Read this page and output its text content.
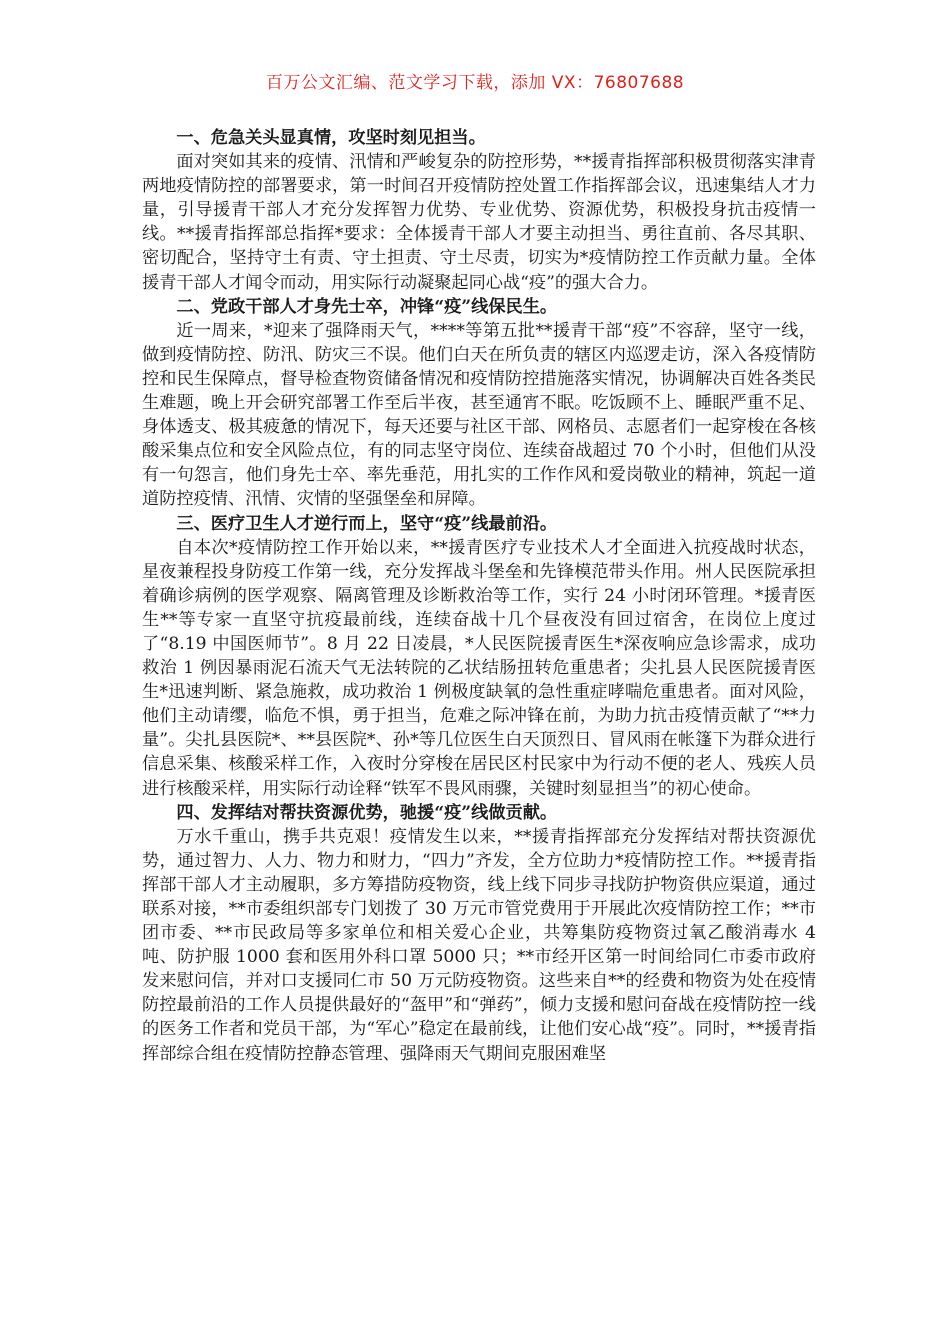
百万公文汇编、范文学习下载，添加 VX：76807688
一、危急关头显真情，攻坚时刻见担当。

面对突如其来的疫情、汛情和严峻复杂的防控形势，**援青指挥部积极贯彻落实津青两地疫情防控的部署要求，第一时间召开疫情防控处置工作指挥部会议，迅速集结人才力量，引导援青干部人才充分发挥智力优势、专业优势、资源优势，积极投身抗击疫情一线。**援青指挥部总指挥*要求：全体援青干部人才要主动担当、勇往直前、各尽其职、密切配合，坚持守土有责、守土担责、守土尽责，切实为*疫情防控工作贡献力量。全体援青干部人才闻令而动，用实际行动凝聚起同心战“疫”的强大合力。

二、党政干部人才身先士卒，冲锋“疫”线保民生。

近一周来，*迎来了强降雨天气，****等第五批**援青干部“疫”不容辞，坚守一线，做到疫情防控、防汛、防灾三不误。他们白天在所负责的辖区内巡逻走访，深入各疫情防控和民生保障点，督导检查物资储备情况和疫情防控措施落实情况，协调解决百姓各类民生难题，晚上开会研究部署工作至后半夜，甚至通宵不眠。吃饭顾不上、睡眠严重不足、身体透支、极其疲惫的情况下，每天还要与社区干部、网格员、志愿者们一起穿梭在各核酸采集点位和安全风险点位，有的同志坚守岗位、连续奋战超过 70 个小时，但他们从没有一句怨言，他们身先士卒、率先垂范，用扎实的工作作风和爱岗敬业的精神，筑起一道道防控疫情、汛情、灾情的坚强堡垒和屏障。

三、医疗卫生人才逆行而上，坚守“疫”线最前沿。

自本次*疫情防控工作开始以来，**援青医疗专业技术人才全面进入抗疫战时状态，星夜兼程投身防疫工作第一线，充分发挥战斗堡垒和先锋模范带头作用。州人民医院承担着确诊病例的医学观察、隔离管理及诊断救治等工作，实行 24 小时闭环管理。*援青医生**等专家一直坚守抗疫最前线，连续奋战十几个昼夜没有回过宿舍，在岗位上度过了“8.19 中国医师节”。8 月 22 日凌晨，*人民医院援青医生*深夜响应急诊需求，成功救治 1 例因暴雨泥石流天气无法转院的乙状结肠扭转危重患者；尖扎县人民医院援青医生*迅速判断、紧急施救，成功救治 1 例极度缺氧的急性重症哮喘危重患者。面对风险，他们主动请缨，临危不惧，勇于担当，危难之际冲锋在前，为助力抗击疫情贡献了“**力量”。尖扎县医院*、**县医院*、孙*等几位医生白天顶烈日、冒风雨在帐篷下为群众进行信息采集、核酸采样工作，入夜时分穿梭在居民区村民家中为行动不便的老人、残疾人员进行核酸采样，用实际行动诠释“铁军不畏风雨骤，关键时刻显担当”的初心使命。

四、发挥结对帮扶资源优势，驰援“疫”线做贡献。

万水千重山，携手共克艰！疫情发生以来，**援青指挥部充分发挥结对帮扶资源优势，通过智力、人力、物力和财力，“四力”齐发，全方位助力*疫情防控工作。**援青指挥部干部人才主动履职，多方筹措防疫物资，线上线下同步寻找防护物资供应渠道，通过联系对接，**市委组织部专门划拨了 30 万元市管党费用于开展此次疫情防控工作；**市团市委、**市民政局等多家单位和相关爱心企业，共筹集防疫物资过氧乙酸消毒水 4 吨、防护服 1000 套和医用外科口罩 5000 只；**市经开区第一时间给同仁市委市政府发来慰问信，并对口支援同仁市 50 万元防疫物资。这些来自**的经费和物资为处在疫情防控最前沿的工作人员提供最好的“盔甲”和“弹药”，倾力支援和慰问奋战在疫情防控一线的医务工作者和党员干部，为“军心”稳定在最前线，让他们安心战“疫”。同时，**援青指挥部综合组在疫情防控静态管理、强降雨天气期间克服困难坚
